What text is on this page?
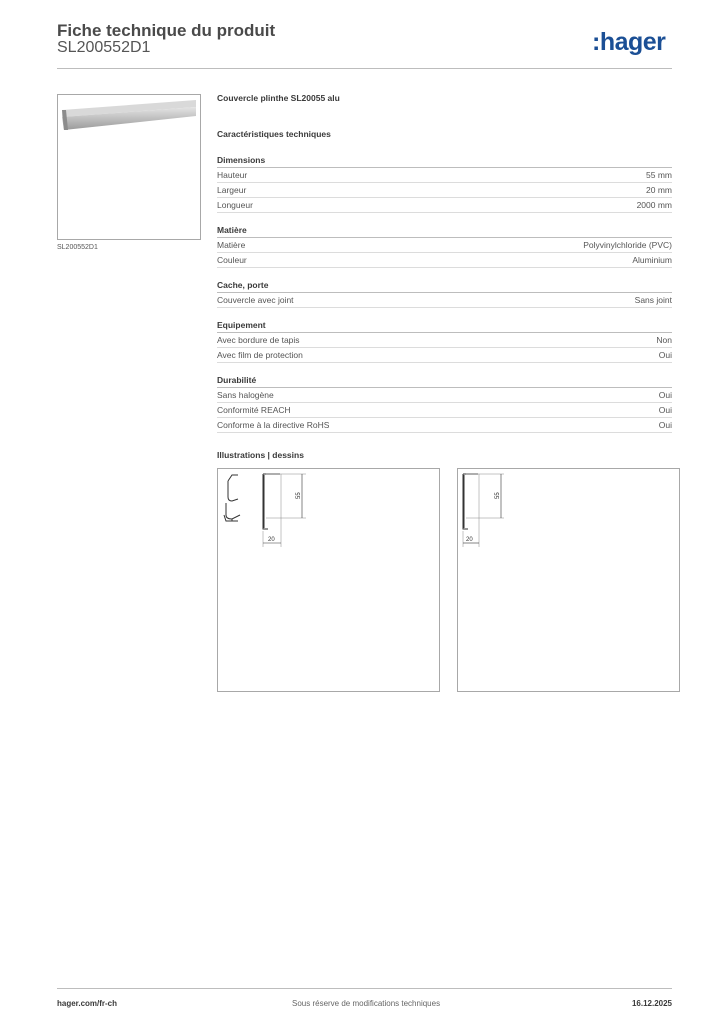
Fiche technique du produit
SL200552D1	:hager
SL200552D1
Couvercle plinthe SL20055 alu
Caractéristiques techniques
Dimensions
Hauteur	55 mm
Largeur	20 mm
Longueur	2000 mm
Matière
Matière	Polyvinylchloride (PVC)
Couleur	Aluminium
Cache, porte
Couvercle avec joint	Sans joint
Equipement
Avec bordure de tapis	Non
Avec film de protection	Oui
Durabilité
Sans halogène	Oui
Conformité REACH	Oui
Conforme à la directive RoHS	Oui
Illustrations | dessins
55
20
55
20
hager.com/fr-ch	Sous réserve de modifications techniques	16.12.2025
